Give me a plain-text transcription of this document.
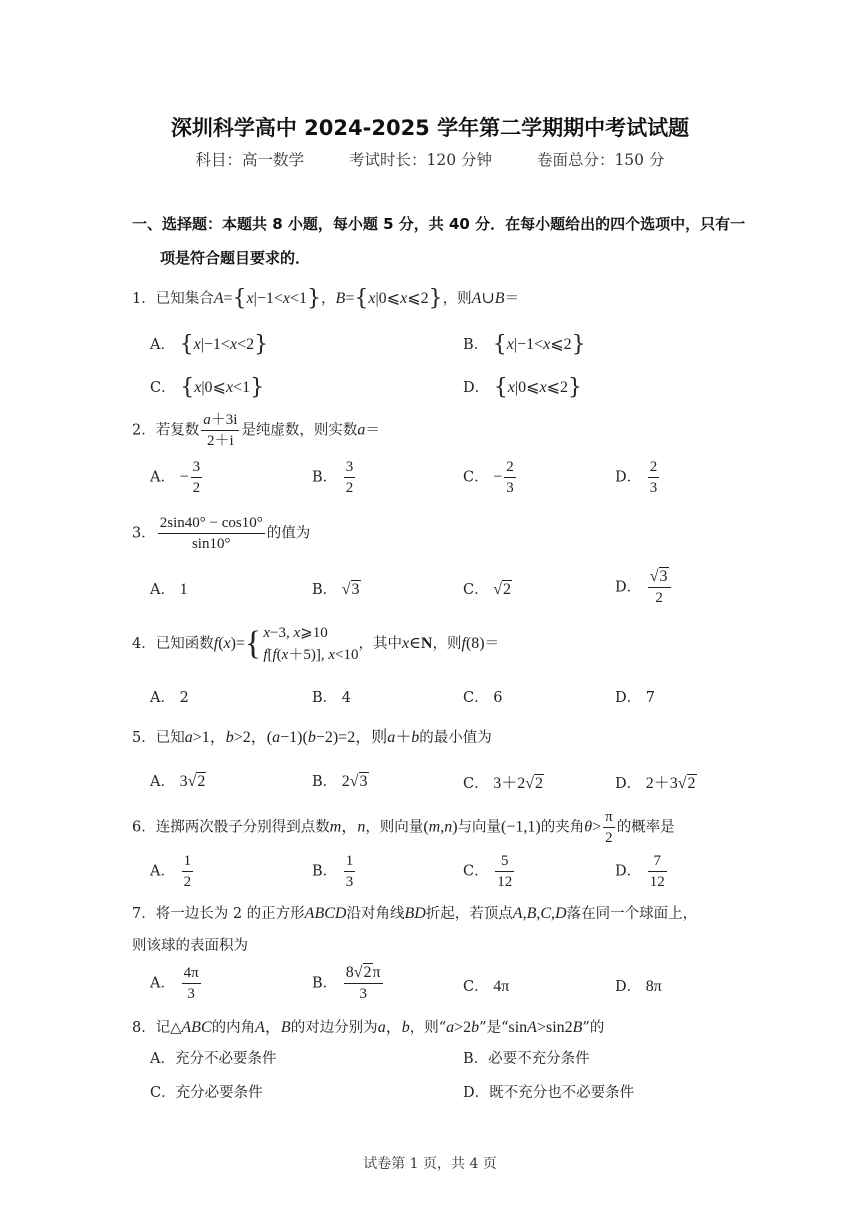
深圳科学高中 2024-2025 学年第二学期期中考试试题
科目：高一数学	考试时长：120 分钟	卷面总分：150 分
一、选择题：本题共 8 小题，每小题 5 分，共 40 分．在每小题给出的四个选项中，只有一
项是符合题目要求的．
1．已知集合A={x|−1<x<1}，B={x|0⩽x⩽2}，则A∪B＝
A． {x|−1<x<2}	B． {x|−1<x⩽2}
C． {x|0⩽x<1}	D． {x|0⩽x⩽2}
2．若复数 $\frac{a+3i}{2+i}$ 是纯虚数，则实数a＝
A． − $\frac{3}{2}$	B． $\frac{3}{2}$	C． − $\frac{2}{3}$	D． $\frac{2}{3}$
3． $\frac{2\sin 40^\circ - \cos 10^\circ}{\sin 10^\circ}$ 的值为
A． 1	B． √3	C． √2	D． $\frac{√3}{2}$
4．已知函数f(x)={ x−3, x⩾10
f[f(x＋5)], x<10
，其中x∈N，则f(8)＝
A． 2	B． 4	C． 6	D． 7
5．已知a>1，b>2，(a−1)(b−2)=2，则a＋b的最小值为
A． 3√2	B． 2√3	C． 3＋2√2	D． 2＋3√2
6．连掷两次骰子分别得到点数m，n，则向量(m,n)与向量(−1,1)的夹角$\theta> \frac{\pi}{2}$ 的概率是
A． $\frac{1}{2}$	B． $\frac{1}{3}$	C． $\frac{5}{12}$	D． $\frac{7}{12}$
7．将一边长为 2 的正方形ABCD沿对角线BD折起，若顶点A,B,C,D落在同一个球面上，
则该球的表面积为
A． $\frac{4\pi}{3}$	B． $\frac{8√2\pi}{3}$	C． 4π	D． 8π
8．记△ABC的内角A，B的对边分别为a，b，则“a>2b”是“sinA>sin2B”的
A．充分不必要条件	B．必要不充分条件
C．充分必要条件	D．既不充分也不必要条件
试卷第 1 页，共 4 页
